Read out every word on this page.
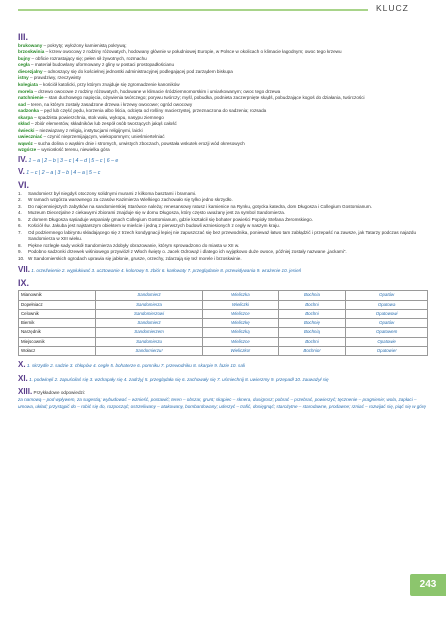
KLUCZ
III.
brukowany – pokryty; wyłożony kamienistą pokrywą;
brzoskwinia – krzew owocowy z rodziny różowatych, hodowany głównie w południowej Europie, w Polsce w okolicach o klimacie łagodnym; owoc tego krzewu
bujny – obficie rozrastający się; pełen sił żywotnych, rozmachu
cegła – materiał budowlany uformowany z gliny w postaci prostopadłościanu
diecezjalny – odnoszący się do kościelnej jednostki administracyjnej podlegającej pod zarządem biskupa
istny – prawdziwy, rzeczywisty
kolegiata – kościół katolicki, przy którym znajduje się zgromadzenie kanoników
morela – drzewo owocowe z rodziny różowatych, hodowane w klimacie śródziemnomorskim i umiarkowanym; owoc tego drzewa
natchnienie – stan duchowego napięcia, ożywienia twórczego; porywu twórczy; myśl, pobudka, podnieta zaczerpnięte skądś, pobudzające kogoś do działania, twórczości
sad – teren, na którym zostały zasadzone drzewa i krzewy owocowe; ogród owocowy
sadzonka – pęd lub część pędu, korzenia albo liścia, odcięta od rośliny macierzystej, przeznaczona do sadzenia; rozsada
skarpa – spadzista powierzchnia, stok wału, wykopu, nasypu ziemnego
skład – zbiór elementów, składników lub zespół osób tworzących jakąś całość
świecki – niezwiązany z religią, instytucjami religijnymi, laicki
uwieczniać – czynić nieprzemijającym, wiekopomnym; unieśmiertelniać
wąwóz – sucha dolina o wąskim dnie i stromych, urwistych zboczach, powstała wskutek erozji wód okresowych
wzgórze – wyniosłość terenu, niewielka góra
IV. 1 – a | 2 – b | 3 – c | 4 – d | 5 – c | 6 – e
V. 1 – c | 2 – a | 3 – b | 4 – a | 5 – c
VI.
1. Sandomierz był niegdyś otoczony solidnymi murami z kilkoma basztami i bramami.
2. W ramach wzgórza warownego za czasów Kazimierza Wielkiego zachowało się tylko jedno skrzydło.
3. Do najcenniejszych zabytków na sandomierskiej Starówce należą: renesansowy ratusz i kamienice na Rynku, gotycka katedra, dom Długosza i Collegium Gostomianum.
4. Muzeum Diecezjalne z ciekawymi zbiorami znajduje się w domu Długosza, który często uważany jest za symbol Sandomierza.
5. Z domem Długosza sąsiaduje wspaniały gmach Collegium Gostomianum, gdzie kształcił się bohater powieści Popioły Stefana Żeromskiego.
6. Kościół św. Jakuba jest najstarszym obiektem w mieście i jedną z pierwszych budowli wzniesionych z cegły w naszym kraju.
7. Od podziemnego labiryntu składającego się z trzech kondygnacji lepiej nie zapuszczać się bez przewodnika, ponieważ łatwo tam zabłądzić i przepaść na zawsze, jak Tatarzy podczas najazdu Sandomierza w XIII wieku.
8. Piękne rozległe sady wokół Sandomierza zdobyły obrazowanie, którym sprowadzono do miasta w XII w.
9. Podobno sadzonki drzewek wiśniowego przywiózł z Włoch święty o. Jacek Odrowąż i dlatego ich wyjątkowo duże owoce, później zostały nazwane „jackami”.
10. W Sandomierskich ogrodach uprawia się jabłonie, grusze, orzechy, zdarzają się też morele i brzoskwinie.
VII. 1. orzeźwienie 2. wypłukiwać 3. ucztowanie 4. kolorowy 5. zbiór 6. karłowaty 7. przeglądanie 8. przewidywania 9. wrażenie 10. jesień
IX.
Mianownik	Sandomierz	Wieliczka	Bochnia	Opatów
Dopełniacz	Sandomierza	Wieliczki	Bochni	Opatowa
Celownik	Sandomierzowi	Wieliczce	Bochni	Opatowowi
Biernik	Sandomierz	Wieliczkę	Bochnię	Opatów
Narzędnik	Sandomierzem	Wieliczką	Bochnią	Opatowem
Miejscownik	Sandomierzu	Wieliczce	Bochni	Opatowie
Wołacz	Sandomierzu!	Wieliczko!	Bochnio!	Opatowie!
X. 1. skrzydle 2. sadzie 3. chłopów 4. cegle 5. bohaterze 6. pomniku 7. przewodniku 8. skarpie 9. fazie 10. sali
XI. 1. podwinęli 2. zapuściłaś się 3. wzdrapały się 4. zadrżyj 5. przeglądała się 6. zachowały się 7. uśmiechnij 8. uwierzmy 9. przepadł 10. zauważył się
XIII. Przykładowe odpowiedzi:
za namową – pod wpływem, za sugestią; wybudować – wznieść, postawić; teren – obszar, grunt; skąpiec – sknera, dusigrosz; pobrać – przebrać, powierzyć; tęcznenie – pragnienie; wola, zapłaci – umowa, układ; przystąpić do – robić się do, rozpocząć; ostrzeliwany – atakowany, bombardowany; uderzyć – trafić, dosięgnąć; starożytne – starodawne, prodawne; rzniać – rozwijać się, piąć się w górę
243
